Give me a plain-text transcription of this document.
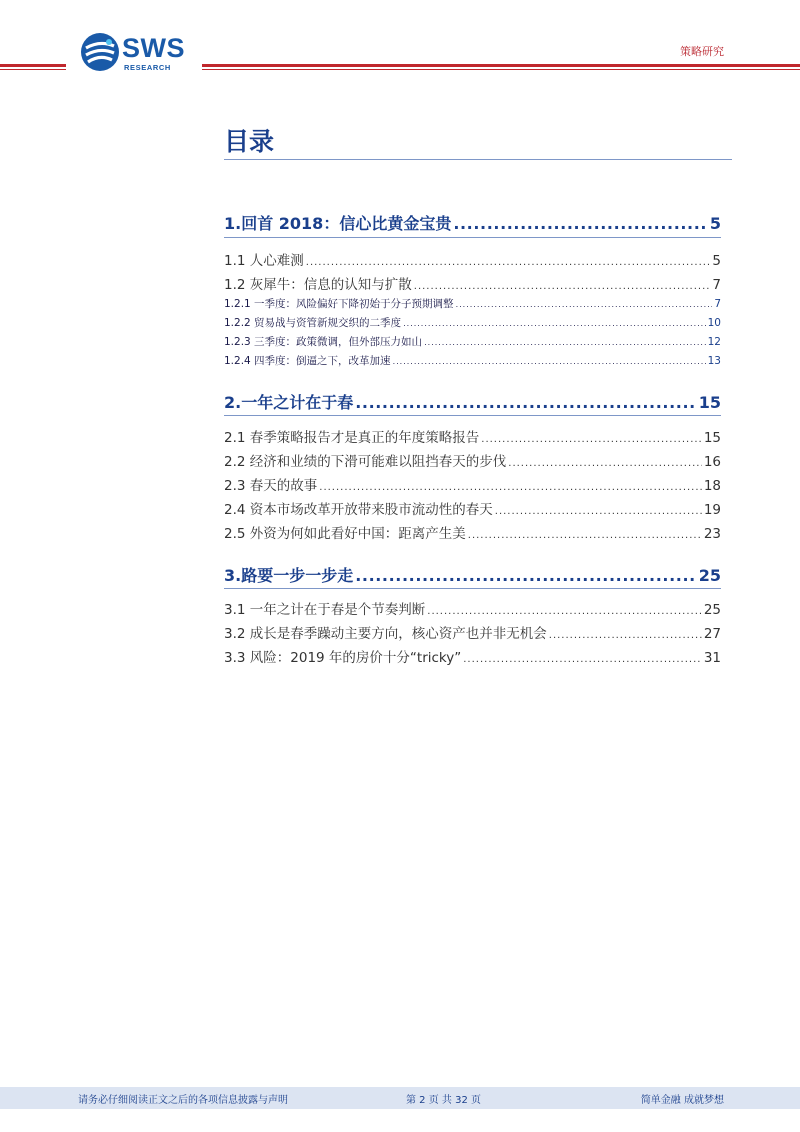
SWS
RESEARCH
策略研究
目录
1.回首 2018：信心比黄金宝贵 .....	5
1.1 人心难测 .....	5
1.2 灰犀牛：信息的认知与扩散 .....	7
1.2.1 一季度：风险偏好下降初始于分子预期调整 .....	7
1.2.2 贸易战与资管新规交织的二季度 .....	10
1.2.3 三季度：政策微调，但外部压力如山 .....	12
1.2.4 四季度：倒逼之下，改革加速 .....	13
2.一年之计在于春 .....	15
2.1 春季策略报告才是真正的年度策略报告 .....	15
2.2 经济和业绩的下滑可能难以阻挡春天的步伐 .....	16
2.3 春天的故事 .....	18
2.4 资本市场改革开放带来股市流动性的春天 .....	19
2.5 外资为何如此看好中国：距离产生美 .....	23
3.路要一步一步走 .....	25
3.1 一年之计在于春是个节奏判断 .....	25
3.2 成长是春季躁动主要方向，核心资产也并非无机会 .....	27
3.3 风险：2019 年的房价十分“tricky” .....	31
请务必仔细阅读正文之后的各项信息披露与声明	第 2 页 共 32 页	简单金融 成就梦想
